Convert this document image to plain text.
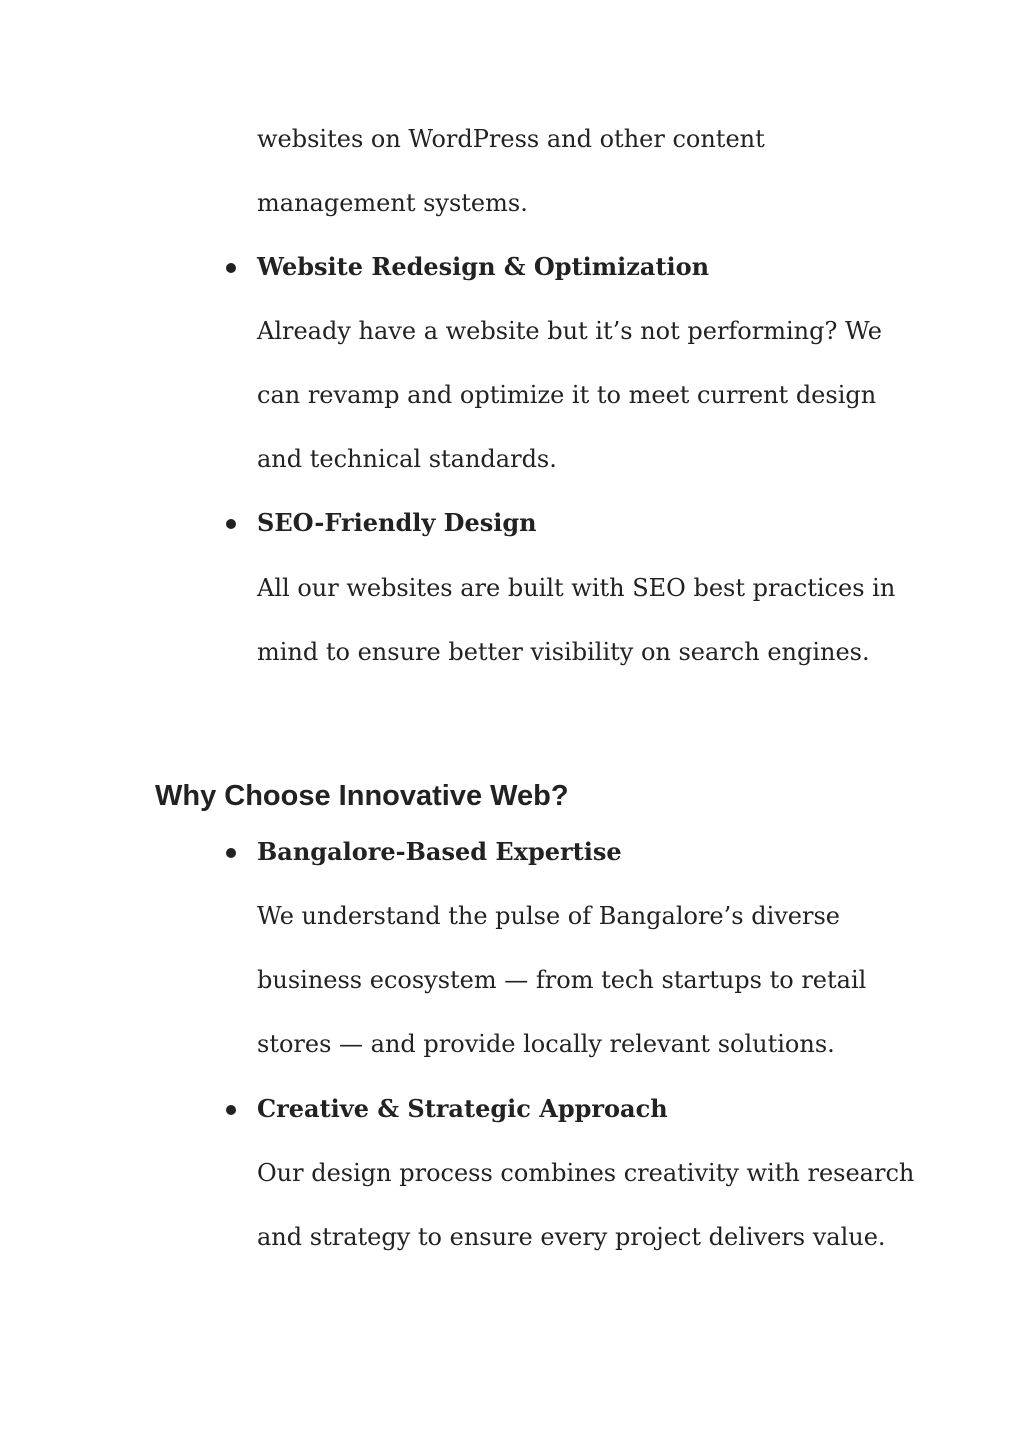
websites on WordPress and other content
management systems.
Website Redesign & Optimization
Already have a website but it’s not performing? We
can revamp and optimize it to meet current design
and technical standards.
SEO-Friendly Design
All our websites are built with SEO best practices in
mind to ensure better visibility on search engines.
Why Choose Innovative Web?
Bangalore-Based Expertise
We understand the pulse of Bangalore’s diverse
business ecosystem — from tech startups to retail
stores — and provide locally relevant solutions.
Creative & Strategic Approach
Our design process combines creativity with research
and strategy to ensure every project delivers value.
